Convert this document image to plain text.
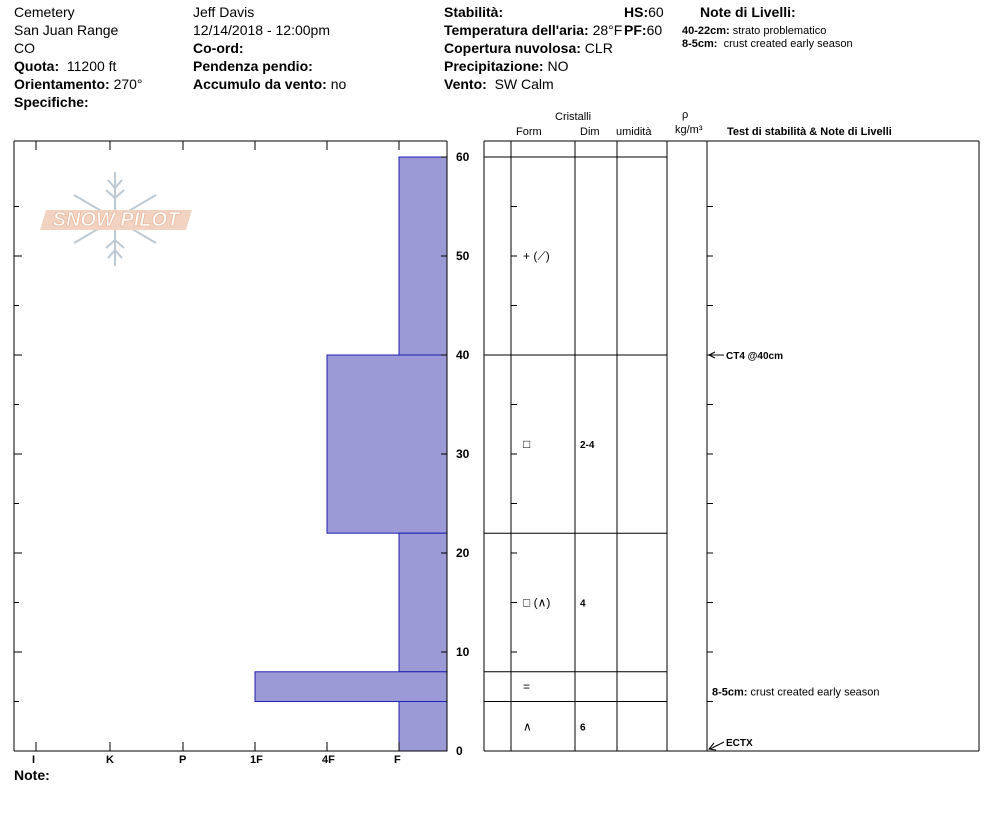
Cemetery
San Juan Range
CO
Quota: 11200 ft
Orientamento: 270°
Specifiche:
Jeff Davis
12/14/2018 - 12:00pm
Co-ord:
Pendenza pendio:
Accumulo da vento: no
Stabilità:
Temperatura dell'aria: 28°F
Copertura nuvolosa: CLR
Precipitazione: NO
Vento: SW Calm
HS:60
PF:60
Note di Livelli:
40-22cm: strato problematico
8-5cm: crust created early season
Cristalli
Form	Dim umidità
ρ
kg/m³ Test di stabilità & Note di Livelli
I	K	P	1F	4F	F
Note:
SNOW PILOT
0
10
20
30
40
50
60
+ (⟋)
□	2-4
□ (∧)	4
=
∧	6
CT4 @40cm
ECTX
8-5cm: crust created early season
